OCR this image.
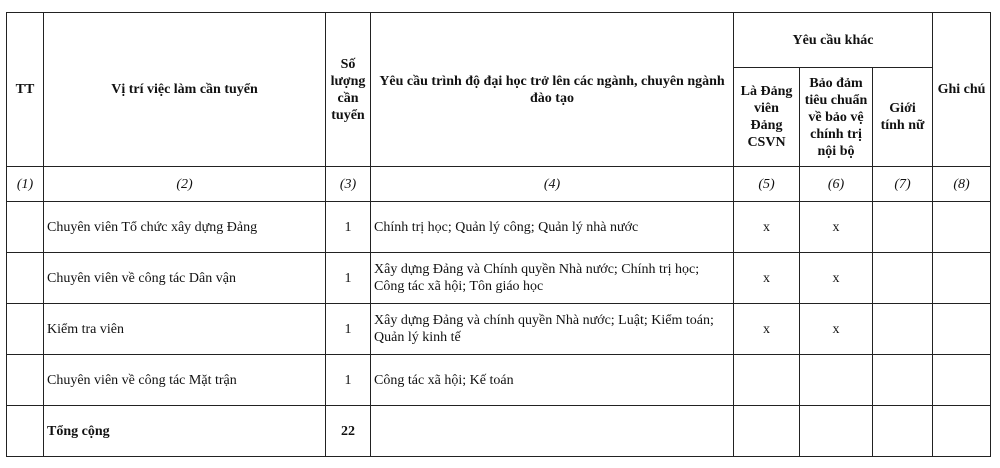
TT	Vị trí việc làm cần tuyển	Số lượng cần tuyển	Yêu cầu trình độ đại học trở lên các ngành, chuyên ngành đào tạo	Yêu cầu khác			Ghi chú
				Là Đảng viên Đảng CSVN	Bảo đảm tiêu chuẩn về bảo vệ chính trị nội bộ	Giới tính nữ	
(1)	(2)	(3)	(4)	(5)	(6)	(7)	(8)
	Chuyên viên Tổ chức xây dựng Đảng	1	Chính trị học; Quản lý công; Quản lý nhà nước	x	x		
	Chuyên viên về công tác Dân vận	1	Xây dựng Đảng và Chính quyền Nhà nước; Chính trị học; Công tác xã hội; Tôn giáo học	x	x		
	Kiểm tra viên	1	Xây dựng Đảng và chính quyền Nhà nước; Luật; Kiểm toán; Quản lý kinh tế	x	x		
	Chuyên viên về công tác Mặt trận	1	Công tác xã hội; Kế toán				
	Tổng cộng	22					
